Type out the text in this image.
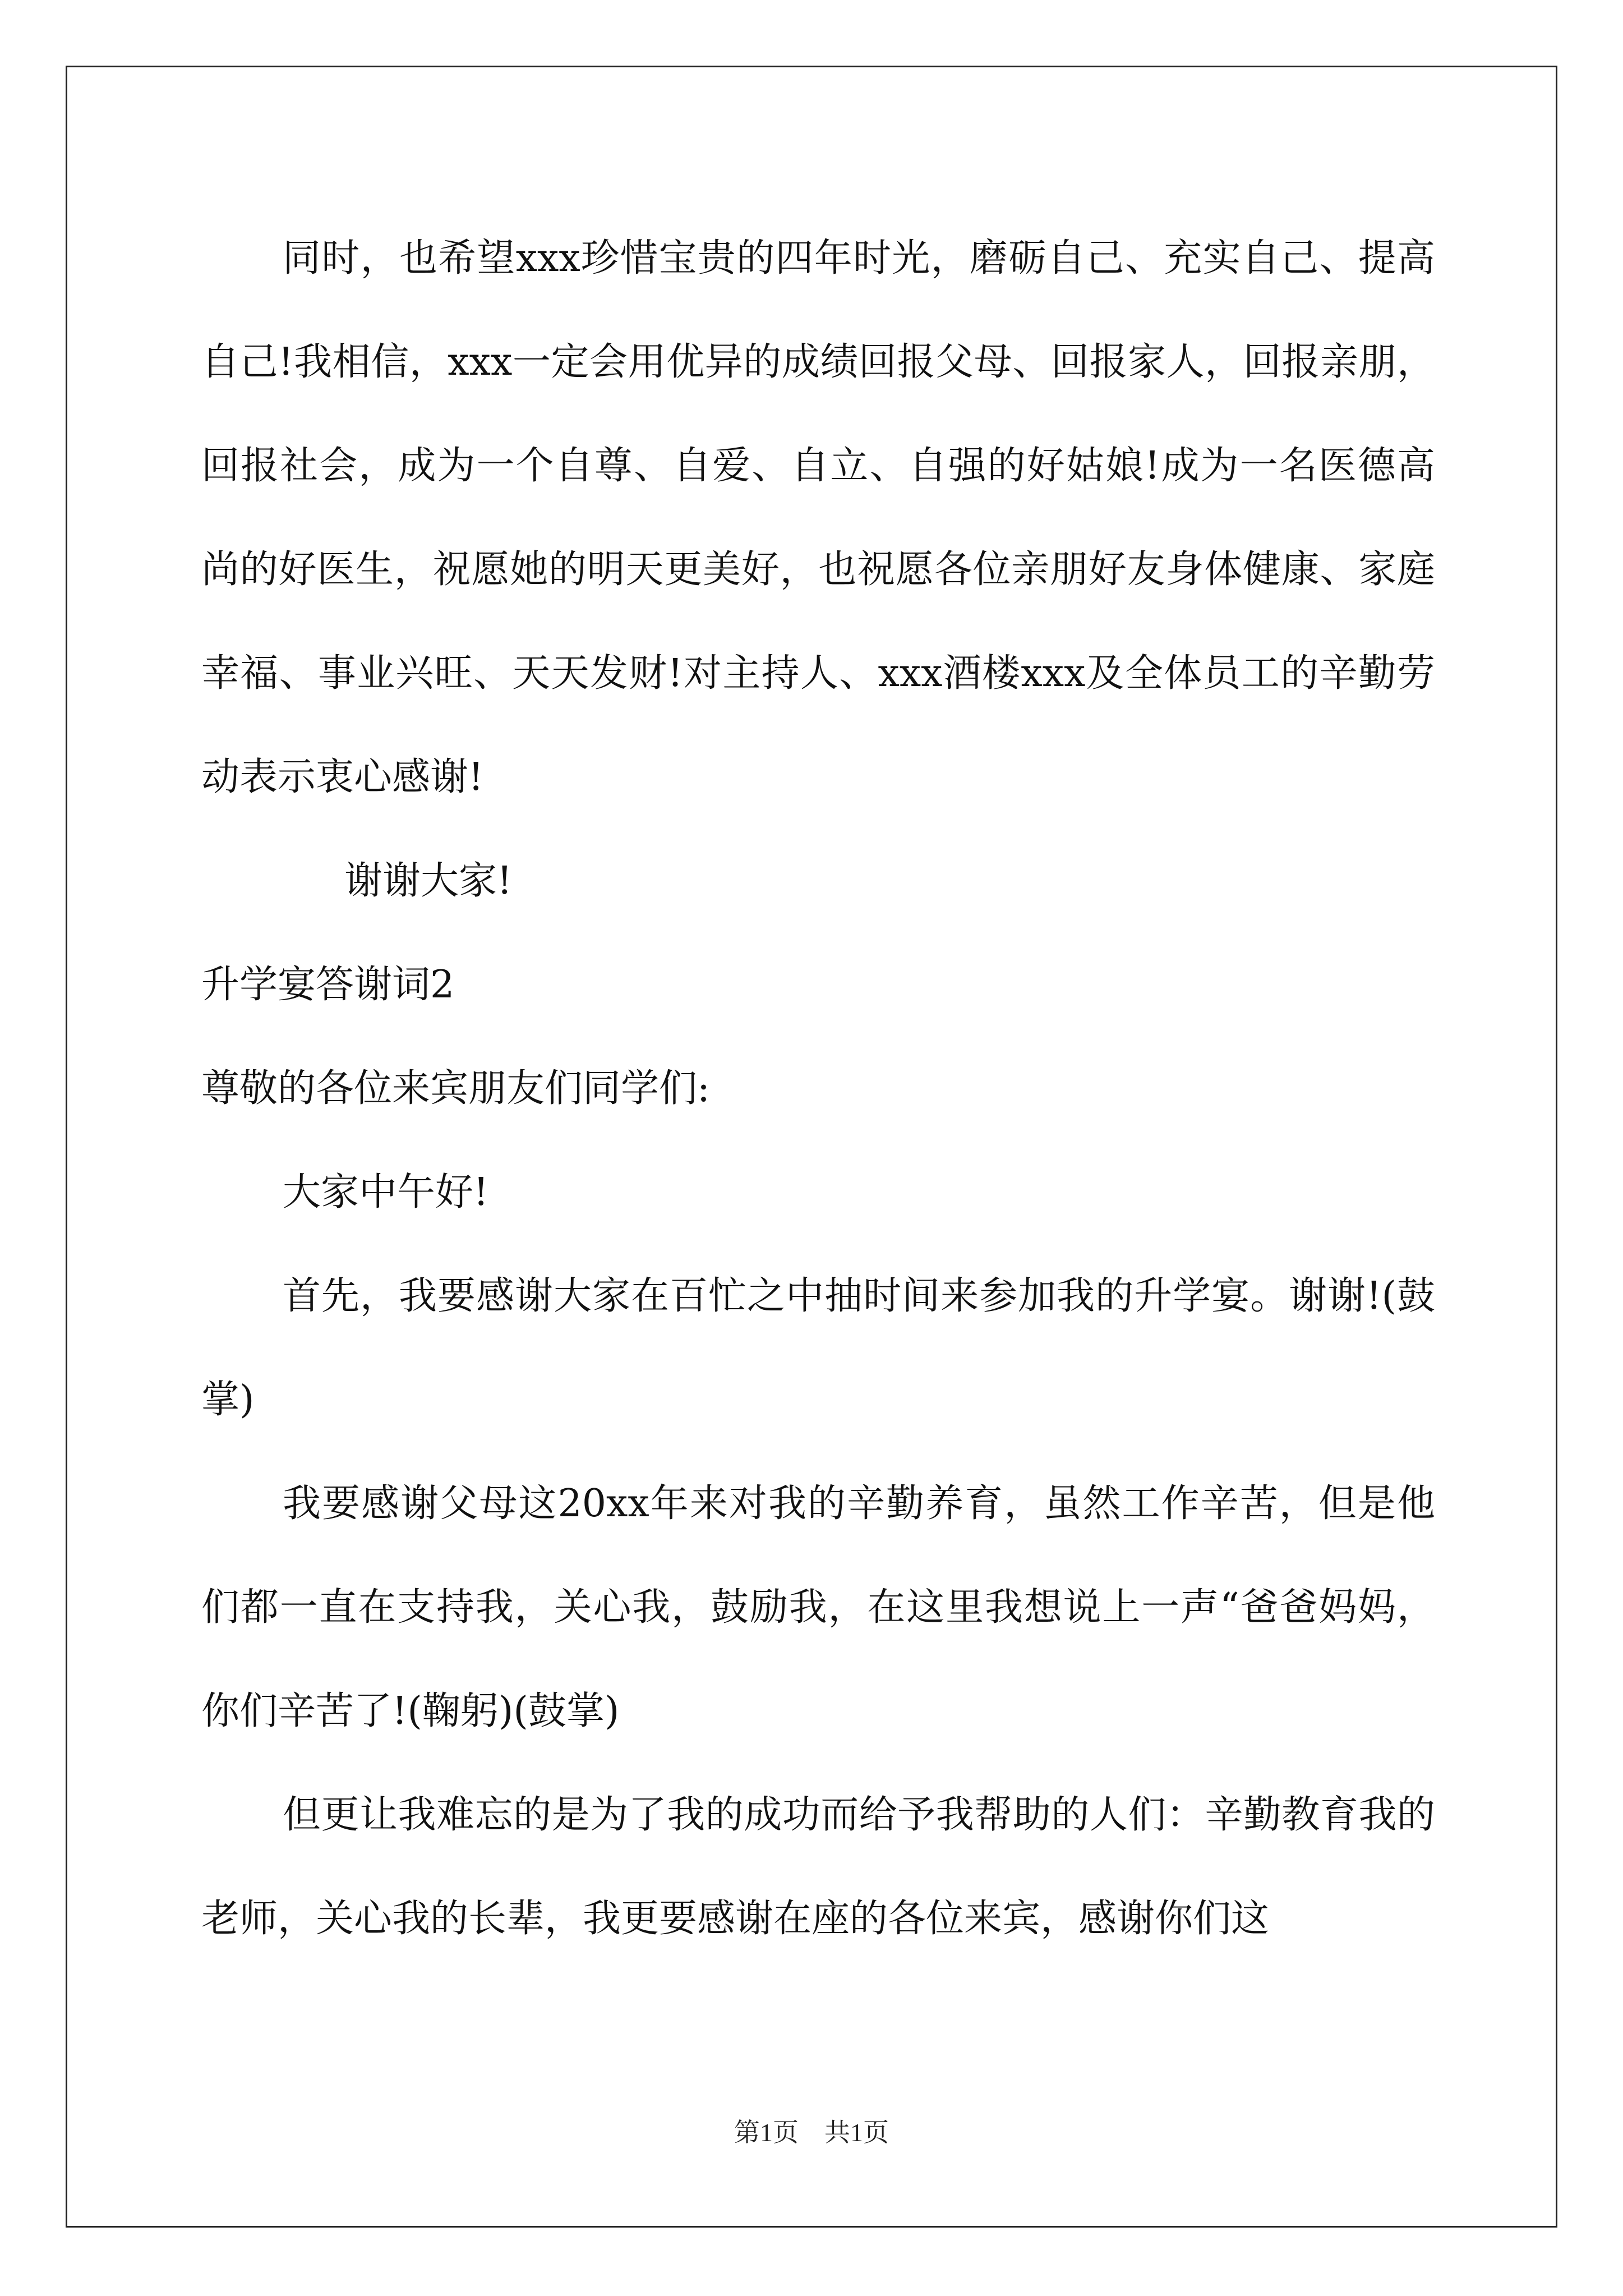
同时，也希望xxx珍惜宝贵的四年时光，磨砺自己、充实自己、提高自己!我相信，xxx一定会用优异的成绩回报父母、回报家人，回报亲朋，回报社会，成为一个自尊、自爱、自立、自强的好姑娘!成为一名医德高尚的好医生，祝愿她的明天更美好，也祝愿各位亲朋好友身体健康、家庭幸福、事业兴旺、天天发财!对主持人、xxx酒楼xxx及全体员工的辛勤劳动表示衷心感谢!

谢谢大家!

升学宴答谢词2

尊敬的各位来宾朋友们同学们:

大家中午好!

首先，我要感谢大家在百忙之中抽时间来参加我的升学宴。谢谢!(鼓掌)

我要感谢父母这20xx年来对我的辛勤养育，虽然工作辛苦，但是他们都一直在支持我，关心我，鼓励我，在这里我想说上一声“爸爸妈妈，你们辛苦了!(鞠躬)(鼓掌)

但更让我难忘的是为了我的成功而给予我帮助的人们：辛勤教育我的老师，关心我的长辈，我更要感谢在座的各位来宾，感谢你们这

第1页　共1页
